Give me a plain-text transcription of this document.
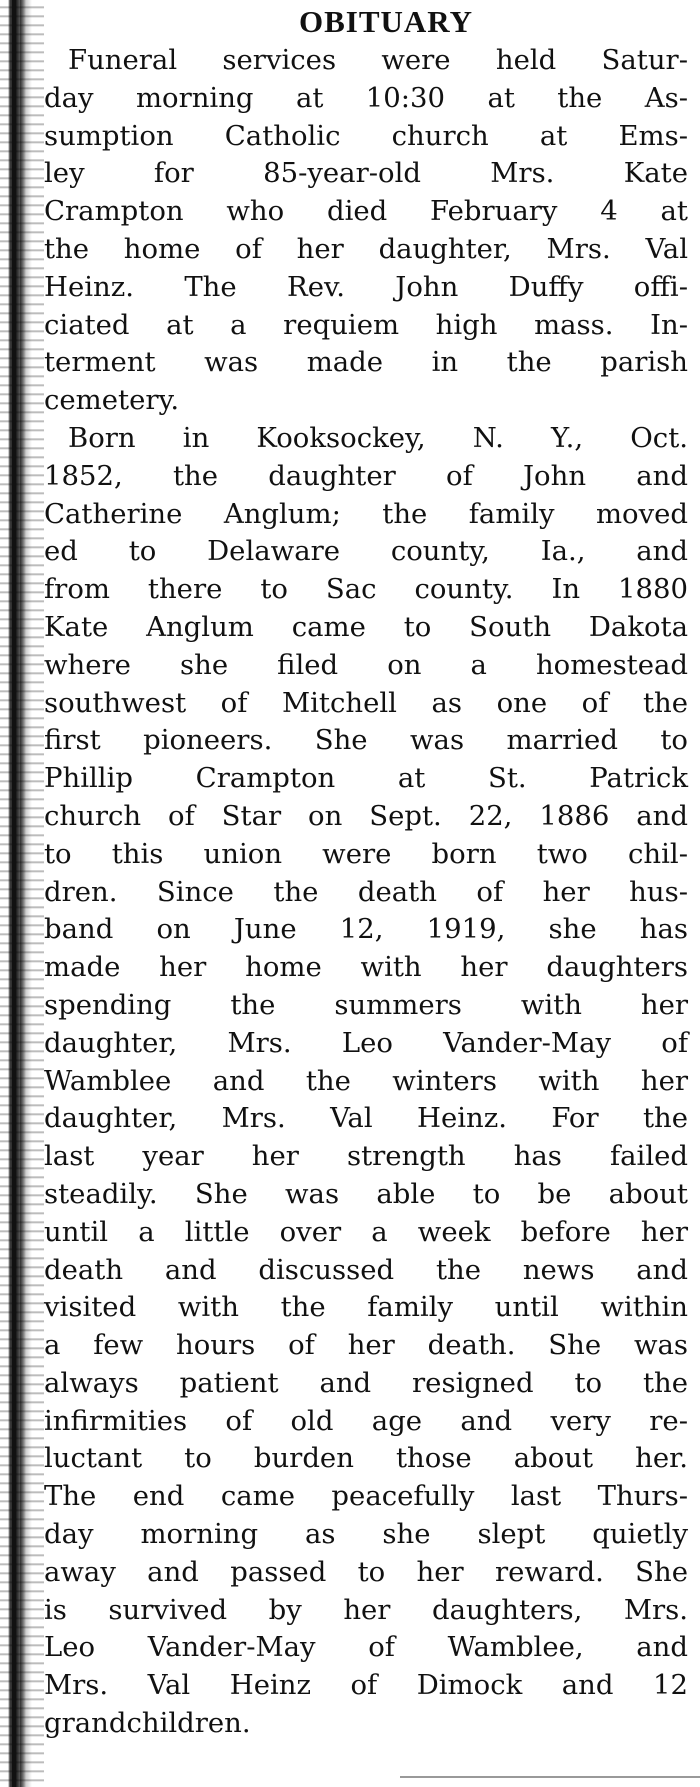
OBITUARY
Funeral services were held Satur-
day morning at 10:30 at the As-
sumption Catholic church at Ems-
ley for 85-year-old Mrs. Kate
Crampton who died February 4 at
the home of her daughter, Mrs. Val
Heinz. The Rev. John Duffy offi-
ciated at a requiem high mass. In-
terment was made in the parish
cemetery.
Born in Kooksockey, N. Y., Oct.
1852, the daughter of John and
Catherine Anglum; the family moved
ed to Delaware county, Ia., and
from there to Sac county. In 1880
Kate Anglum came to South Dakota
where she filed on a homestead
southwest of Mitchell as one of the
first pioneers. She was married to
Phillip Crampton at St. Patrick
church of Star on Sept. 22, 1886 and
to this union were born two chil-
dren. Since the death of her hus-
band on June 12, 1919, she has
made her home with her daughters
spending the summers with her
daughter, Mrs. Leo Vander-May of
Wamblee and the winters with her
daughter, Mrs. Val Heinz. For the
last year her strength has failed
steadily. She was able to be about
until a little over a week before her
death and discussed the news and
visited with the family until within
a few hours of her death. She was
always patient and resigned to the
infirmities of old age and very re-
luctant to burden those about her.
The end came peacefully last Thurs-
day morning as she slept quietly
away and passed to her reward. She
is survived by her daughters, Mrs.
Leo Vander-May of Wamblee, and
Mrs. Val Heinz of Dimock and 12
grandchildren.
